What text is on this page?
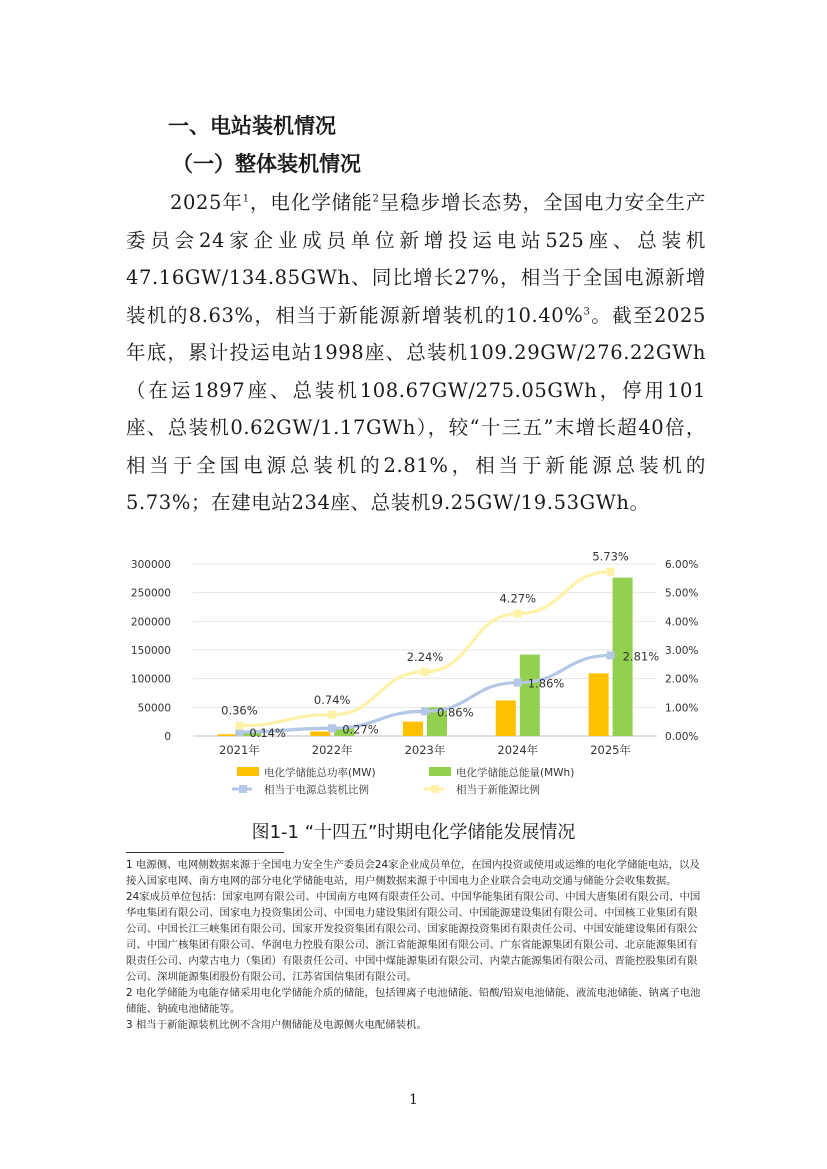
一、电站装机情况
（一）整体装机情况
2025年$^1$，电化学储能$^2$呈稳步增长态势，全国电力安全生产委员会24家企业成员单位新增投运电站525座、总装机47.16GW/134.85GWh、同比增长27%，相当于全国电源新增装机的8.63%，相当于新能源新增装机的10.40%$^3$。截至2025年底，累计投运电站1998座、总装机109.29GW/276.22GWh（在运1897座、总装机108.67GW/275.05GWh，停用101座、总装机0.62GW/1.17GWh），较“十三五”末增长超40倍，相当于全国电源总装机的2.81%，相当于新能源总装机的5.73%；在建电站234座、总装机9.25GW/19.53GWh。
0
50000
100000
150000
200000
250000
300000
0.00%
1.00%
2.00%
3.00%
4.00%
5.00%
6.00%
2021年	2022年	2023年	2024年	2025年
0.14%	0.27%
0.86%
1.86%
2.81%
0.36%
0.74%
2.24%
4.27%
5.73%
电化学储能总功率(MW)	电化学储能总能量(MWh)
相当于电源总装机比例	相当于新能源比例
图1-1 “十四五”时期电化学储能发展情况

1 电源侧、电网侧数据来源于全国电力安全生产委员会24家企业成员单位，在国内投资或使用或运维的电化学储能电站，以及接入国家电网、南方电网的部分电化学储能电站，用户侧数据来源于中国电力企业联合会电动交通与储能分会收集数据。

24家成员单位包括：国家电网有限公司、中国南方电网有限责任公司、中国华能集团有限公司、中国大唐集团有限公司、中国华电集团有限公司、国家电力投资集团公司、中国电力建设集团有限公司、中国能源建设集团有限公司、中国核工业集团有限公司、中国长江三峡集团有限公司、国家开发投资集团有限公司、国家能源投资集团有限责任公司、中国安能建设集团有限公司、中国广核集团有限公司、华润电力控股有限公司、浙江省能源集团有限公司、广东省能源集团有限公司、北京能源集团有限责任公司、内蒙古电力（集团）有限责任公司、中国中煤能源集团有限公司、内蒙古能源集团有限公司、晋能控股集团有限公司、深圳能源集团股份有限公司、江苏省国信集团有限公司。

2 电化学储能为电能存储采用电化学储能介质的储能，包括锂离子电池储能、铅酸/铅炭电池储能、液流电池储能、钠离子电池储能、钠硫电池储能等。

3 相当于新能源装机比例不含用户侧储能及电源侧火电配储装机。

1
